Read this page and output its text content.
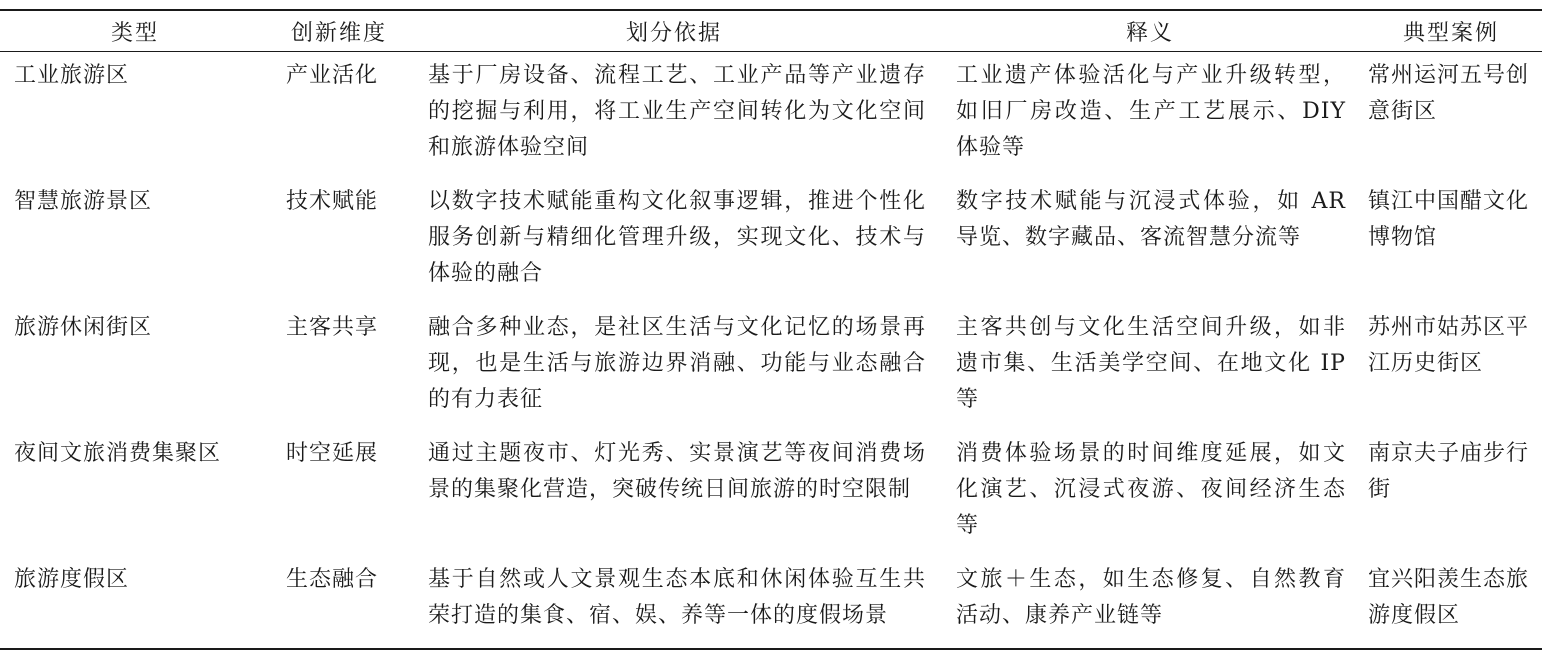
类型	创新维度	划分依据	释义	典型案例
工业旅游区	产业活化	基于厂房设备、流程工艺、工业产品等产业遗存的挖掘与利用，将工业生产空间转化为文化空间和旅游体验空间	工业遗产体验活化与产业升级转型，如旧厂房改造、生产工艺展示、DIY 体验等	常州运河五号创意街区
智慧旅游景区	技术赋能	以数字技术赋能重构文化叙事逻辑，推进个性化服务创新与精细化管理升级，实现文化、技术与体验的融合	数字技术赋能与沉浸式体验，如 AR 导览、数字藏品、客流智慧分流等	镇江中国醋文化博物馆
旅游休闲街区	主客共享	融合多种业态，是社区生活与文化记忆的场景再现，也是生活与旅游边界消融、功能与业态融合的有力表征	主客共创与文化生活空间升级，如非遗市集、生活美学空间、在地文化 IP 等	苏州市姑苏区平江历史街区
夜间文旅消费集聚区	时空延展	通过主题夜市、灯光秀、实景演艺等夜间消费场景的集聚化营造，突破传统日间旅游的时空限制	消费体验场景的时间维度延展，如文化演艺、沉浸式夜游、夜间经济生态等	南京夫子庙步行街
旅游度假区	生态融合	基于自然或人文景观生态本底和休闲体验互生共荣打造的集食、宿、娱、养等一体的度假场景	文旅＋生态，如生态修复、自然教育活动、康养产业链等	宜兴阳羡生态旅游度假区
